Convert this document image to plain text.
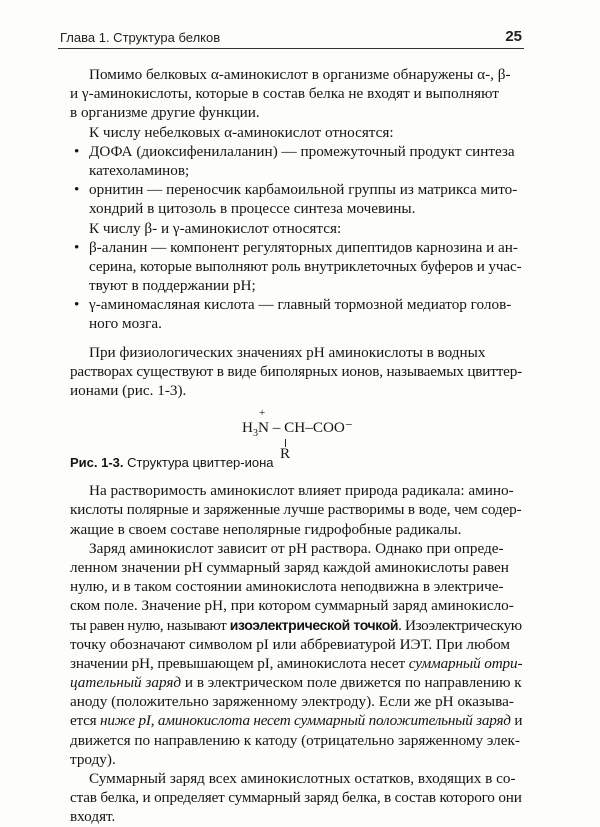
Глава 1. Структура белков	25
Помимо белковых α-аминокислот в организме обнаружены α-, β-
и γ-аминокислоты, которые в состав белка не входят и выполняют
в организме другие функции.
К числу небелковых α-аминокислот относятся:
• ДОФА (диоксифенилаланин) — промежуточный продукт синтеза
катехоламинов;
• орнитин — переносчик карбамоильной группы из матрикса мито-
хондрий в цитозоль в процессе синтеза мочевины.
К числу β- и γ-аминокислот относятся:
• β-аланин — компонент регуляторных дипептидов карнозина и ан-
серина, которые выполняют роль внутриклеточных буферов и учас-
твуют в поддержании pH;
• γ-аминомасляная кислота — главный тормозной медиатор голов-
ного мозга.
При физиологических значениях pH аминокислоты в водных
растворах существуют в виде биполярных ионов, называемых цвиттер-
ионами (рис. 1-3).
+
$H_3N - CH-COO^-$
R
Рис. 1-3. Структура цвиттер-иона
На растворимость аминокислот влияет природа радикала: амино-
кислоты полярные и заряженные лучше растворимы в воде, чем содер-
жащие в своем составе неполярные гидрофобные радикалы.
Заряд аминокислот зависит от pH раствора. Однако при опреде-
ленном значении pH суммарный заряд каждой аминокислоты равен
нулю, и в таком состоянии аминокислота неподвижна в электриче-
ском поле. Значение pH, при котором суммарный заряд аминокисло-
ты равен нулю, называют изоэлектрической точкой. Изоэлектрическую
точку обозначают символом pI или аббревиатурой ИЭТ. При любом
значении pH, превышающем pI, аминокислота несет суммарный отри-
цательный заряд и в электрическом поле движется по направлению к
аноду (положительно заряженному электроду). Если же pH оказыва-
ется ниже pI, аминокислота несет суммарный положительный заряд и
движется по направлению к катоду (отрицательно заряженному элек-
троду).
Суммарный заряд всех аминокислотных остатков, входящих в со-
став белка, и определяет суммарный заряд белка, в состав которого они
входят.
